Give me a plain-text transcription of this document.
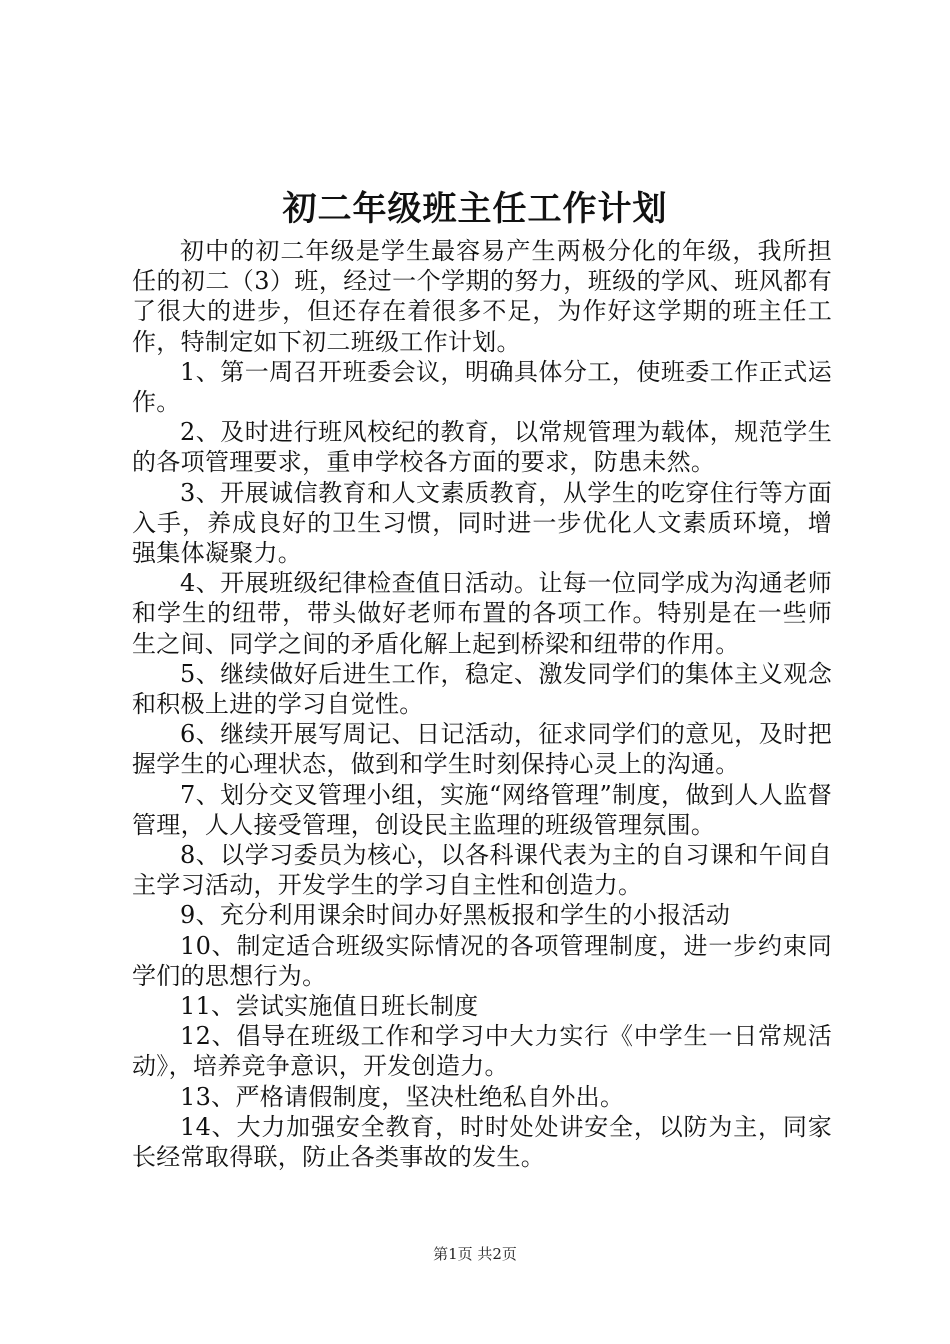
初二年级班主任工作计划

初中的初二年级是学生最容易产生两极分化的年级，我所担任的初二（3）班，经过一个学期的努力，班级的学风、班风都有了很大的进步，但还存在着很多不足，为作好这学期的班主任工作，特制定如下初二班级工作计划。

1、第一周召开班委会议，明确具体分工，使班委工作正式运作。

2、及时进行班风校纪的教育，以常规管理为载体，规范学生的各项管理要求，重申学校各方面的要求，防患未然。

3、开展诚信教育和人文素质教育，从学生的吃穿住行等方面入手，养成良好的卫生习惯，同时进一步优化人文素质环境，增强集体凝聚力。

4、开展班级纪律检查值日活动。让每一位同学成为沟通老师和学生的纽带，带头做好老师布置的各项工作。特别是在一些师生之间、同学之间的矛盾化解上起到桥梁和纽带的作用。

5、继续做好后进生工作，稳定、激发同学们的集体主义观念和积极上进的学习自觉性。

6、继续开展写周记、日记活动，征求同学们的意见，及时把握学生的心理状态，做到和学生时刻保持心灵上的沟通。

7、划分交叉管理小组，实施“网络管理”制度，做到人人监督管理，人人接受管理，创设民主监理的班级管理氛围。

8、以学习委员为核心，以各科课代表为主的自习课和午间自主学习活动，开发学生的学习自主性和创造力。

9、充分利用课余时间办好黑板报和学生的小报活动

10、制定适合班级实际情况的各项管理制度，进一步约束同学们的思想行为。

11、尝试实施值日班长制度

12、倡导在班级工作和学习中大力实行《中学生一日常规活动》，培养竞争意识，开发创造力。

13、严格请假制度，坚决杜绝私自外出。

14、大力加强安全教育，时时处处讲安全，以防为主，同家长经常取得联，防止各类事故的发生。

第1页 共2页
